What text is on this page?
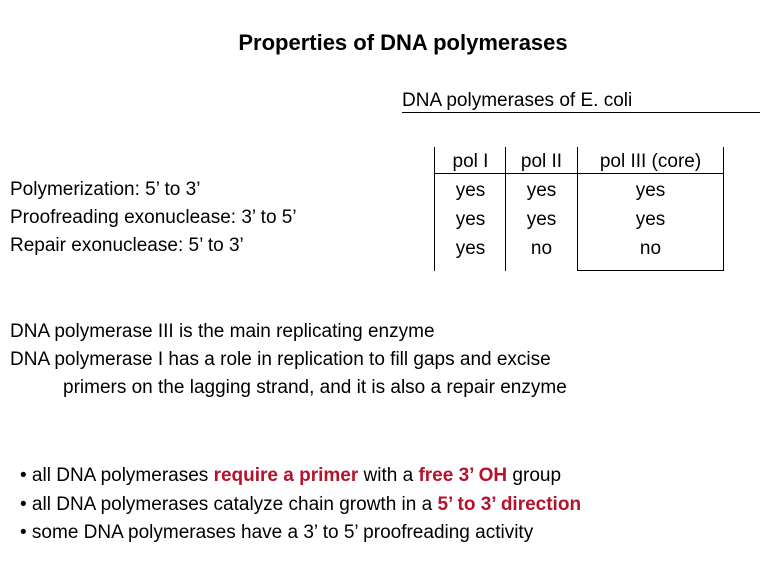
Properties of DNA polymerases
DNA polymerases of E. coli
Polymerization: 5’ to 3’
Proofreading exonuclease: 3’ to 5’
Repair exonuclease: 5’ to 3’
pol I
yes
yes
yes
pol II
yes
yes
no
pol III (core)
yes
yes
no
DNA polymerase III is the main replicating enzyme
DNA polymerase I has a role in replication to fill gaps and excise
primers on the lagging strand, and it is also a repair enzyme
• all DNA polymerases require a primer with a free 3’ OH group
• all DNA polymerases catalyze chain growth in a 5’ to 3’ direction
• some DNA polymerases have a 3’ to 5’ proofreading activity
